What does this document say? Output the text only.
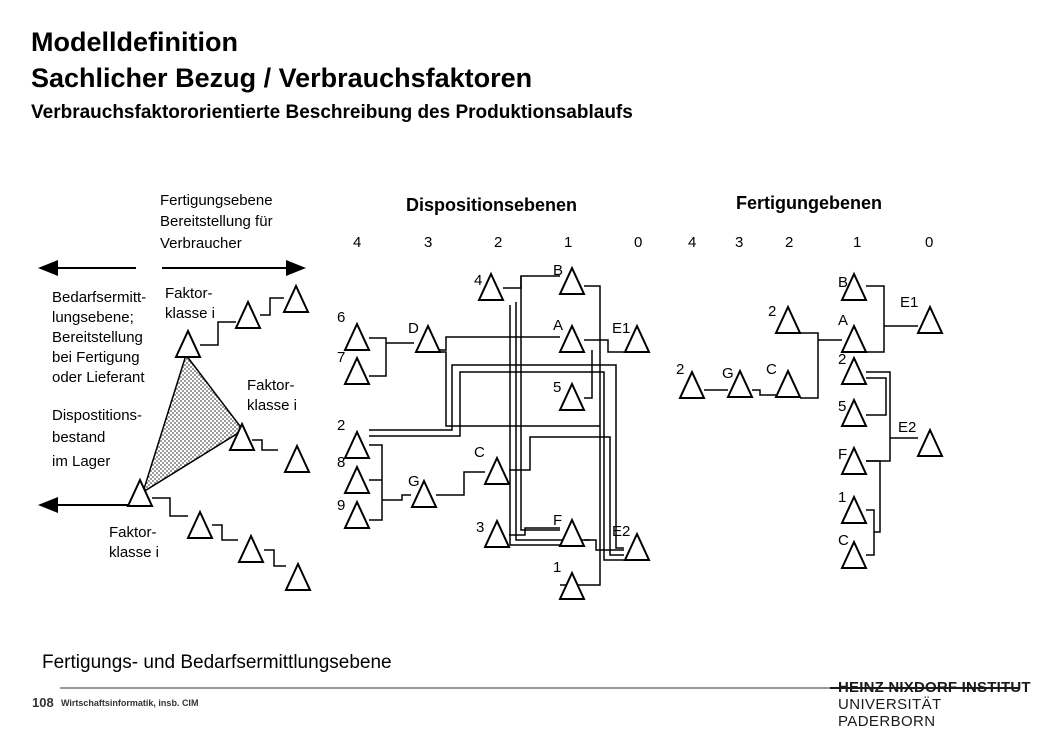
Modelldefinition
Sachlicher Bezug / Verbrauchsfaktoren
Verbrauchsfaktororientierte Beschreibung des Produktionsablaufs
Fertigungsebene
Bereitstellung für
Verbraucher
Bedarfsermitt-
lungsebene;
Bereitstellung
bei Fertigung
oder Lieferant
Dispostitions-
bestand
im Lager
Faktor-
klasse i
Faktor-
klasse i
Faktor-
klasse i
Dispositionsebenen
4	3	2	1	0
4
B
6
D	A	E1
7
5
2
C
8
G
9
3	F
E2
1
Fertigungebenen
4	3	2	1	0
B
E1
2
A
2
2	G C
5
E2
F
1
C
Fertigungs- und Bedarfsermittlungsebene
108 Wirtschaftsinformatik, insb. CIM
HEINZ NIXDORF INSTITUT
UNIVERSITÄT PADERBORN
